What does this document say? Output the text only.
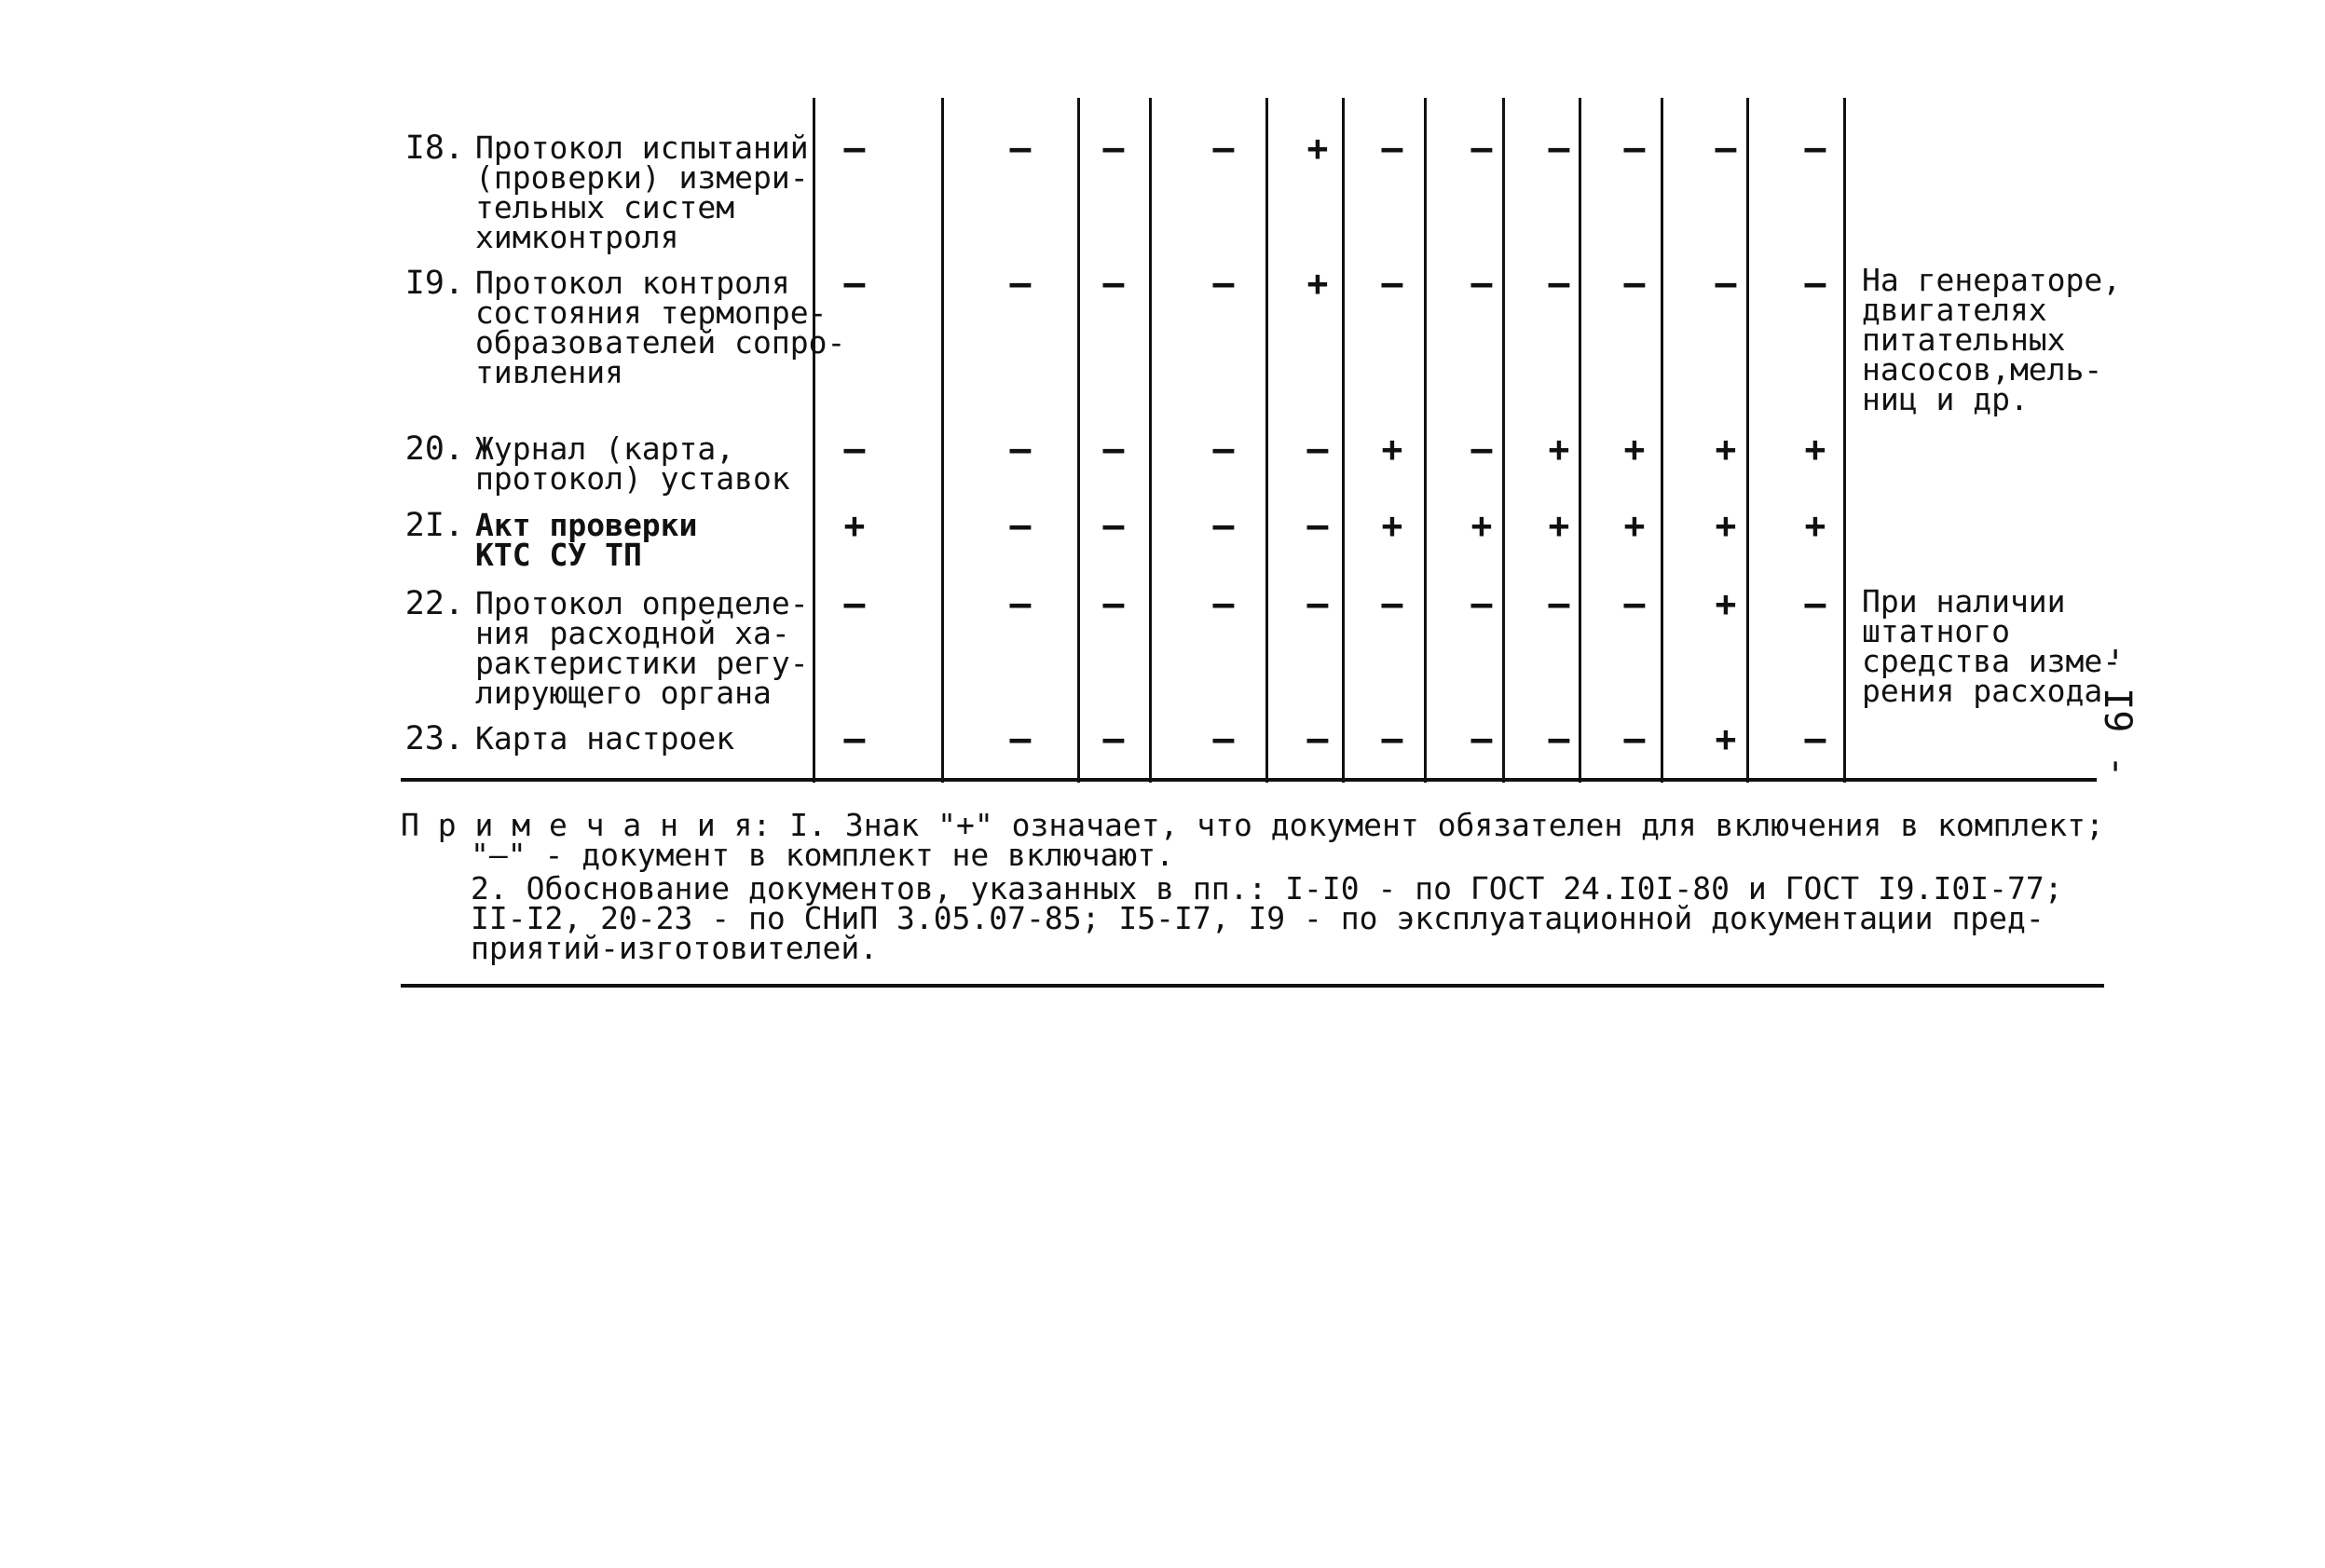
I8. Протокол испытаний
(проверки) измери-
тельных систем
химконтроля
–	–	–	–	+	–	–	–	–	–	–
I9. Протокол контроля
состояния термопре-
образователей сопро-
тивления
–	–	–	–	+	–	–	–	–	–	–	На генераторе,
двигателях
питательных
насосов,мель-
ниц и др.
20. Журнал (карта,
протокол) уставок
–	–	–	–	–	+	–	+	+	+	+
2I. Акт проверки
КТС СУ ТП
+	–	–	–	–	+	+	+	+	+	+
22. Протокол определе-
ния расходной ха-
рактеристики регу-
лирующего органа
–	–	–	–	–	–	–	–	–	+	–	При наличии
штатного
средства изме-
рения расхода
23. Карта настроек	–	–	–	–	–	–	–	–	–	+	–
П р и м е ч а н и я: I. Знак "+" означает, что документ обязателен для включения в комплект;
"–" - документ в комплект не включают.
2. Обоснование документов, указанных в пп.: I-I0 - по ГОСТ 24.I0I-80 и ГОСТ I9.I0I-77;
II-I2, 20-23 - по СНиП 3.05.07-85; I5-I7, I9 - по эксплуатационной документации пред-
приятий-изготовителей.
- I9 -
